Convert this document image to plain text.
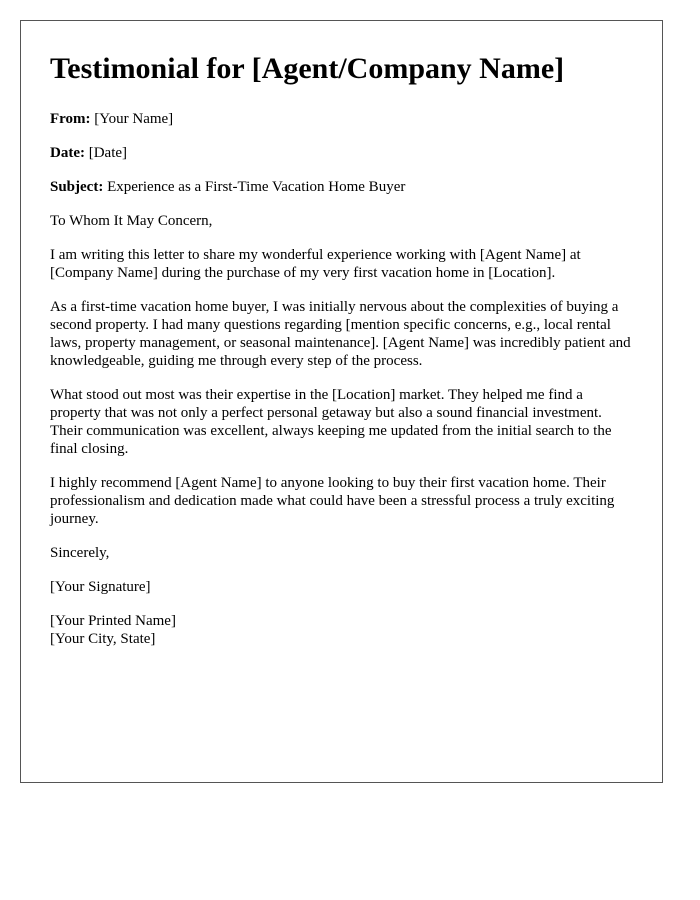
Testimonial for [Agent/Company Name]

From: [Your Name]

Date: [Date]

Subject: Experience as a First-Time Vacation Home Buyer

To Whom It May Concern,

I am writing this letter to share my wonderful experience working with [Agent Name] at [Company Name] during the purchase of my very first vacation home in [Location].

As a first-time vacation home buyer, I was initially nervous about the complexities of buying a second property. I had many questions regarding [mention specific concerns, e.g., local rental laws, property management, or seasonal maintenance]. [Agent Name] was incredibly patient and knowledgeable, guiding me through every step of the process.

What stood out most was their expertise in the [Location] market. They helped me find a property that was not only a perfect personal getaway but also a sound financial investment. Their communication was excellent, always keeping me updated from the initial search to the final closing.

I highly recommend [Agent Name] to anyone looking to buy their first vacation home. Their professionalism and dedication made what could have been a stressful process a truly exciting journey.

Sincerely,

[Your Signature]

[Your Printed Name]
[Your City, State]
